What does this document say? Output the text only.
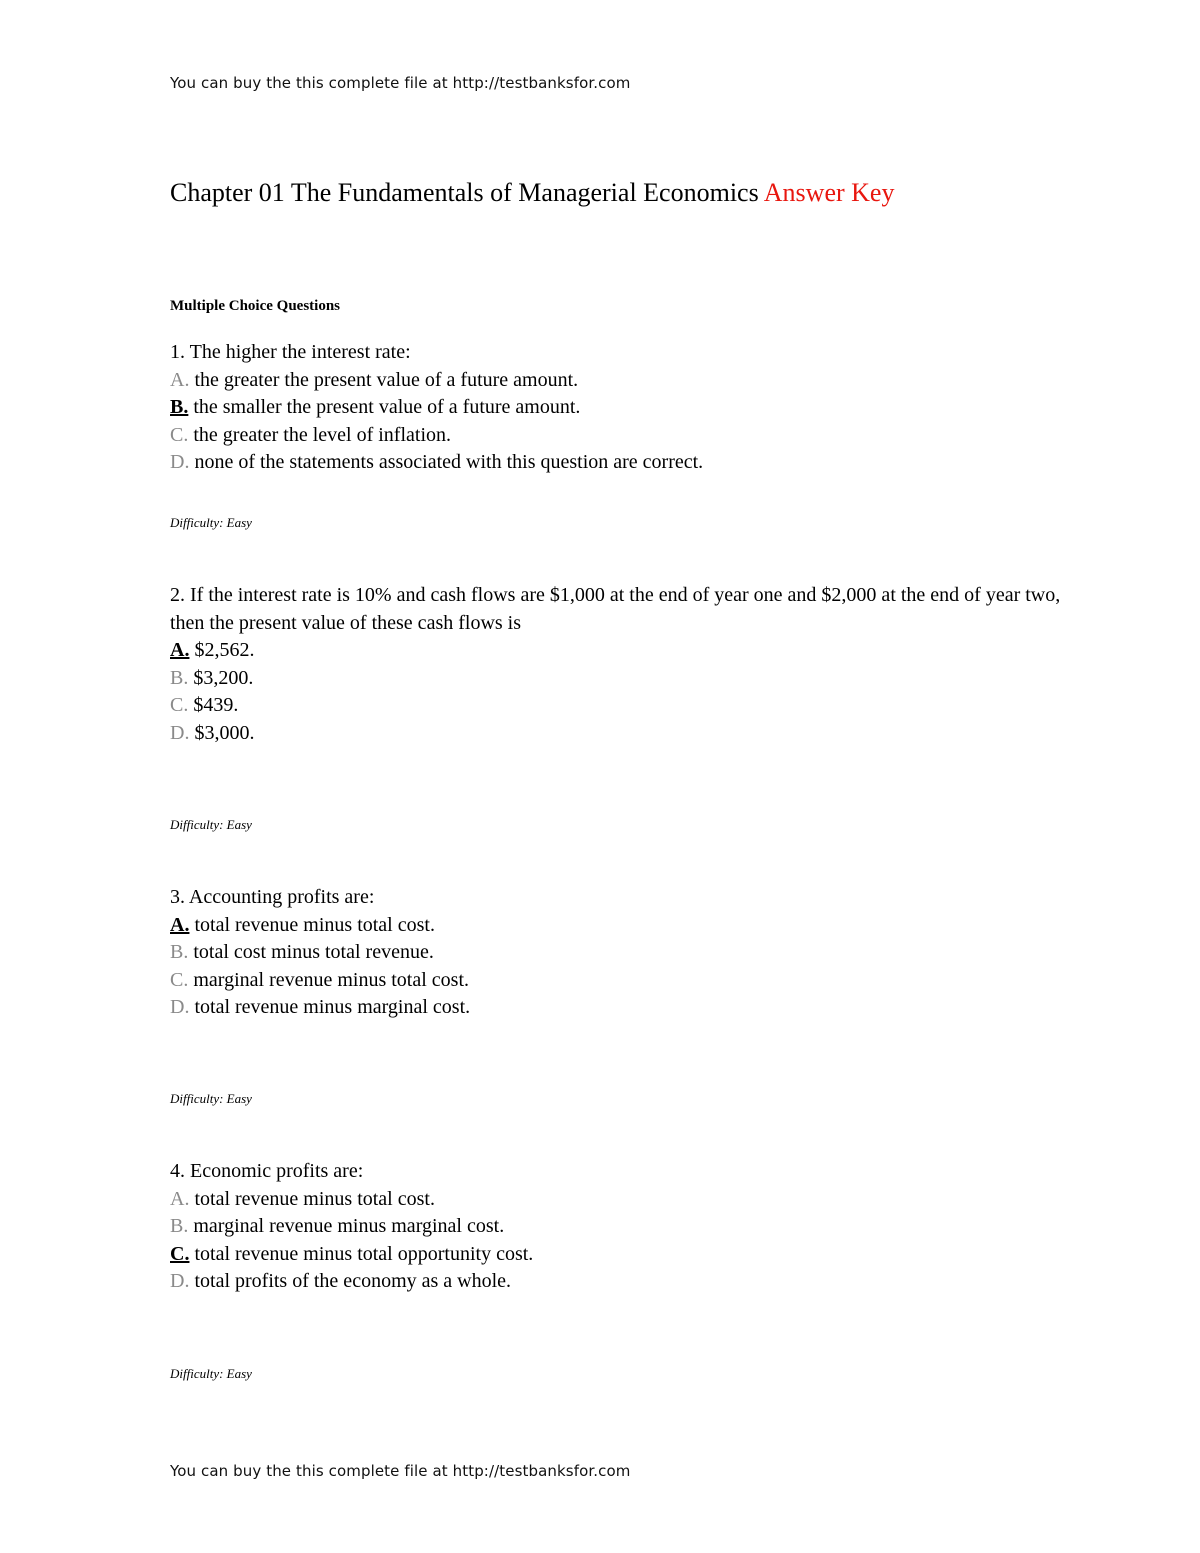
You can buy the this complete file at http://testbanksfor.com
Chapter 01 The Fundamentals of Managerial Economics Answer Key
Multiple Choice Questions

1. The higher the interest rate:

A. the greater the present value of a future amount.

B. the smaller the present value of a future amount.

C. the greater the level of inflation.

D. none of the statements associated with this question are correct.

Difficulty: Easy

2. If the interest rate is 10% and cash flows are $1,000 at the end of year one and $2,000 at the end of year two, then the present value of these cash flows is

A. $2,562.

B. $3,200.

C. $439.

D. $3,000.

Difficulty: Easy

3. Accounting profits are:

A. total revenue minus total cost.

B. total cost minus total revenue.

C. marginal revenue minus total cost.

D. total revenue minus marginal cost.

Difficulty: Easy

4. Economic profits are:

A. total revenue minus total cost.

B. marginal revenue minus marginal cost.

C. total revenue minus total opportunity cost.

D. total profits of the economy as a whole.

Difficulty: Easy
You can buy the this complete file at http://testbanksfor.com
